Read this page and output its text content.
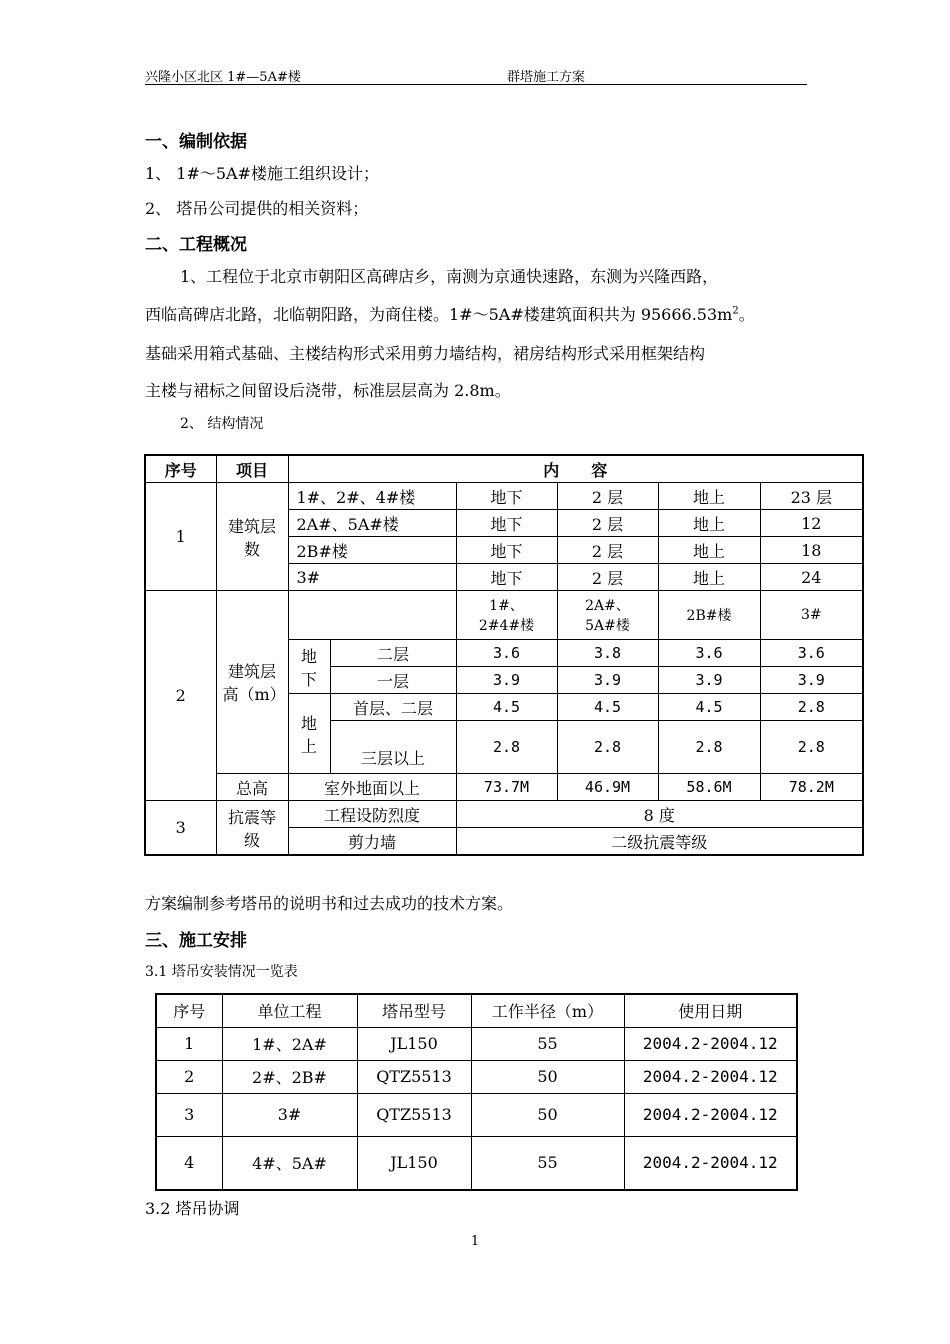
兴隆小区北区 1#—5A#楼	群塔施工方案
一、编制依据
1、 1#～5A#楼施工组织设计；
2、 塔吊公司提供的相关资料；
二、工程概况
1、工程位于北京市朝阳区高碑店乡，南测为京通快速路，东测为兴隆西路，
西临高碑店北路，北临朝阳路，为商住楼。1#～5A#楼建筑面积共为 $95666.53m^2$。
基础采用箱式基础、主楼结构形式采用剪力墙结构，裙房结构形式采用框架结构
主楼与裙标之间留设后浇带，标准层层高为 2.8m。
2、 结构情况
序号	项目	内　　容					
1	建筑层数	1#、2#、4#楼		地下	2 层	地上	23 层
		2A#、5A#楼		地下	2 层	地上	12
		2B#楼		地下	2 层	地上	18
		3#		地下	2 层	地上	24
2	建筑层高（m）			1#、2#4#楼	2A#、5A#楼	2B#楼	3#
		地下	二层	3.6	3.8	3.6	3.6
			一层	3.9	3.9	3.9	3.9
		地上	首层、二层	4.5	4.5	4.5	2.8
			三层以上	2.8	2.8	2.8	2.8
	总高	室外地面以上		73.7M	46.9M	58.6M	78.2M
3	抗震等级	工程设防烈度		8 度			
		剪力墙		二级抗震等级			
方案编制参考塔吊的说明书和过去成功的技术方案。
三、施工安排
3.1 塔吊安装情况一览表
序号	单位工程	塔吊型号	工作半径（m）	使用日期
1	1#、2A#	JL150	55	2004.2-2004.12
2	2#、2B#	QTZ5513	50	2004.2-2004.12
3	3#	QTZ5513	50	2004.2-2004.12
4	4#、5A#	JL150	55	2004.2-2004.12
3.2 塔吊协调
1
